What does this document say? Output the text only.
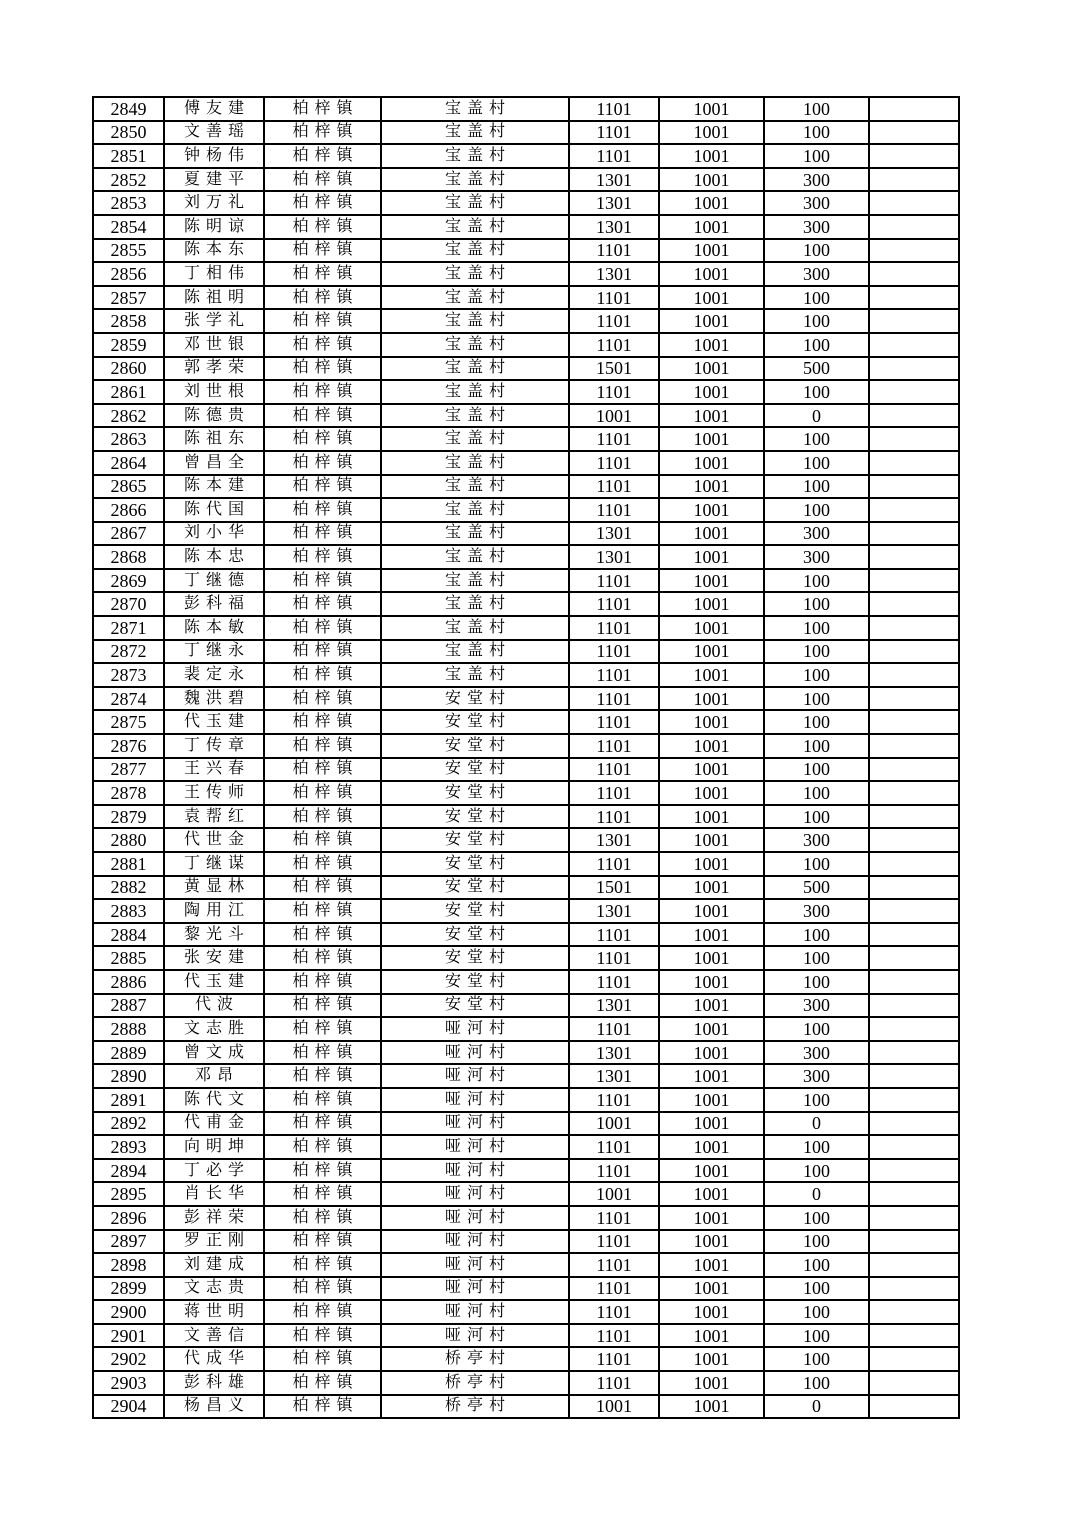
2849	傅友建	柏梓镇	宝盖村	1101	1001	100	
2850	文善瑶	柏梓镇	宝盖村	1101	1001	100	
2851	钟杨伟	柏梓镇	宝盖村	1101	1001	100	
2852	夏建平	柏梓镇	宝盖村	1301	1001	300	
2853	刘万礼	柏梓镇	宝盖村	1301	1001	300	
2854	陈明谅	柏梓镇	宝盖村	1301	1001	300	
2855	陈本东	柏梓镇	宝盖村	1101	1001	100	
2856	丁相伟	柏梓镇	宝盖村	1301	1001	300	
2857	陈祖明	柏梓镇	宝盖村	1101	1001	100	
2858	张学礼	柏梓镇	宝盖村	1101	1001	100	
2859	邓世银	柏梓镇	宝盖村	1101	1001	100	
2860	郭孝荣	柏梓镇	宝盖村	1501	1001	500	
2861	刘世根	柏梓镇	宝盖村	1101	1001	100	
2862	陈德贵	柏梓镇	宝盖村	1001	1001	0	
2863	陈祖东	柏梓镇	宝盖村	1101	1001	100	
2864	曾昌全	柏梓镇	宝盖村	1101	1001	100	
2865	陈本建	柏梓镇	宝盖村	1101	1001	100	
2866	陈代国	柏梓镇	宝盖村	1101	1001	100	
2867	刘小华	柏梓镇	宝盖村	1301	1001	300	
2868	陈本忠	柏梓镇	宝盖村	1301	1001	300	
2869	丁继德	柏梓镇	宝盖村	1101	1001	100	
2870	彭科福	柏梓镇	宝盖村	1101	1001	100	
2871	陈本敏	柏梓镇	宝盖村	1101	1001	100	
2872	丁继永	柏梓镇	宝盖村	1101	1001	100	
2873	裴定永	柏梓镇	宝盖村	1101	1001	100	
2874	魏洪碧	柏梓镇	安堂村	1101	1001	100	
2875	代玉建	柏梓镇	安堂村	1101	1001	100	
2876	丁传章	柏梓镇	安堂村	1101	1001	100	
2877	王兴春	柏梓镇	安堂村	1101	1001	100	
2878	王传师	柏梓镇	安堂村	1101	1001	100	
2879	袁帮红	柏梓镇	安堂村	1101	1001	100	
2880	代世金	柏梓镇	安堂村	1301	1001	300	
2881	丁继谋	柏梓镇	安堂村	1101	1001	100	
2882	黄显林	柏梓镇	安堂村	1501	1001	500	
2883	陶用江	柏梓镇	安堂村	1301	1001	300	
2884	黎光斗	柏梓镇	安堂村	1101	1001	100	
2885	张安建	柏梓镇	安堂村	1101	1001	100	
2886	代玉建	柏梓镇	安堂村	1101	1001	100	
2887	代波	柏梓镇	安堂村	1301	1001	300	
2888	文志胜	柏梓镇	哑河村	1101	1001	100	
2889	曾文成	柏梓镇	哑河村	1301	1001	300	
2890	邓昂	柏梓镇	哑河村	1301	1001	300	
2891	陈代文	柏梓镇	哑河村	1101	1001	100	
2892	代甫金	柏梓镇	哑河村	1001	1001	0	
2893	向明坤	柏梓镇	哑河村	1101	1001	100	
2894	丁必学	柏梓镇	哑河村	1101	1001	100	
2895	肖长华	柏梓镇	哑河村	1001	1001	0	
2896	彭祥荣	柏梓镇	哑河村	1101	1001	100	
2897	罗正刚	柏梓镇	哑河村	1101	1001	100	
2898	刘建成	柏梓镇	哑河村	1101	1001	100	
2899	文志贵	柏梓镇	哑河村	1101	1001	100	
2900	蒋世明	柏梓镇	哑河村	1101	1001	100	
2901	文善信	柏梓镇	哑河村	1101	1001	100	
2902	代成华	柏梓镇	桥亭村	1101	1001	100	
2903	彭科雄	柏梓镇	桥亭村	1101	1001	100	
2904	杨昌义	柏梓镇	桥亭村	1001	1001	0	
